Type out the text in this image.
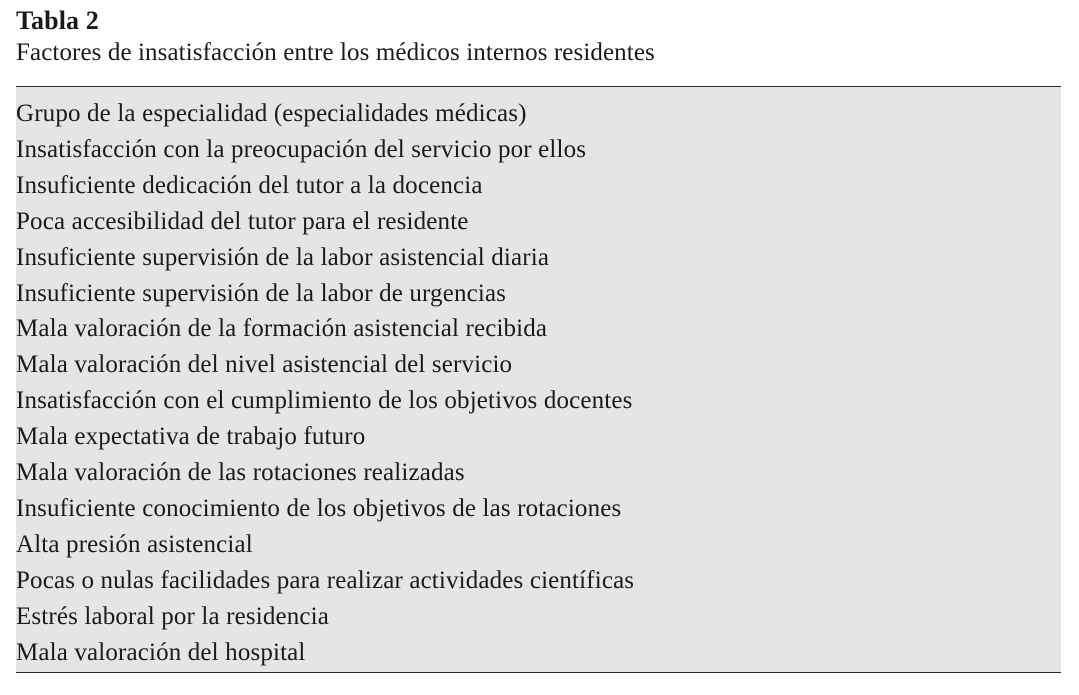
Tabla 2

Factores de insatisfacción entre los médicos internos residentes

Grupo de la especialidad (especialidades médicas)
Insatisfacción con la preocupación del servicio por ellos
Insuficiente dedicación del tutor a la docencia
Poca accesibilidad del tutor para el residente
Insuficiente supervisión de la labor asistencial diaria
Insuficiente supervisión de la labor de urgencias
Mala valoración de la formación asistencial recibida
Mala valoración del nivel asistencial del servicio
Insatisfacción con el cumplimiento de los objetivos docentes
Mala expectativa de trabajo futuro
Mala valoración de las rotaciones realizadas
Insuficiente conocimiento de los objetivos de las rotaciones
Alta presión asistencial
Pocas o nulas facilidades para realizar actividades científicas
Estrés laboral por la residencia
Mala valoración del hospital
